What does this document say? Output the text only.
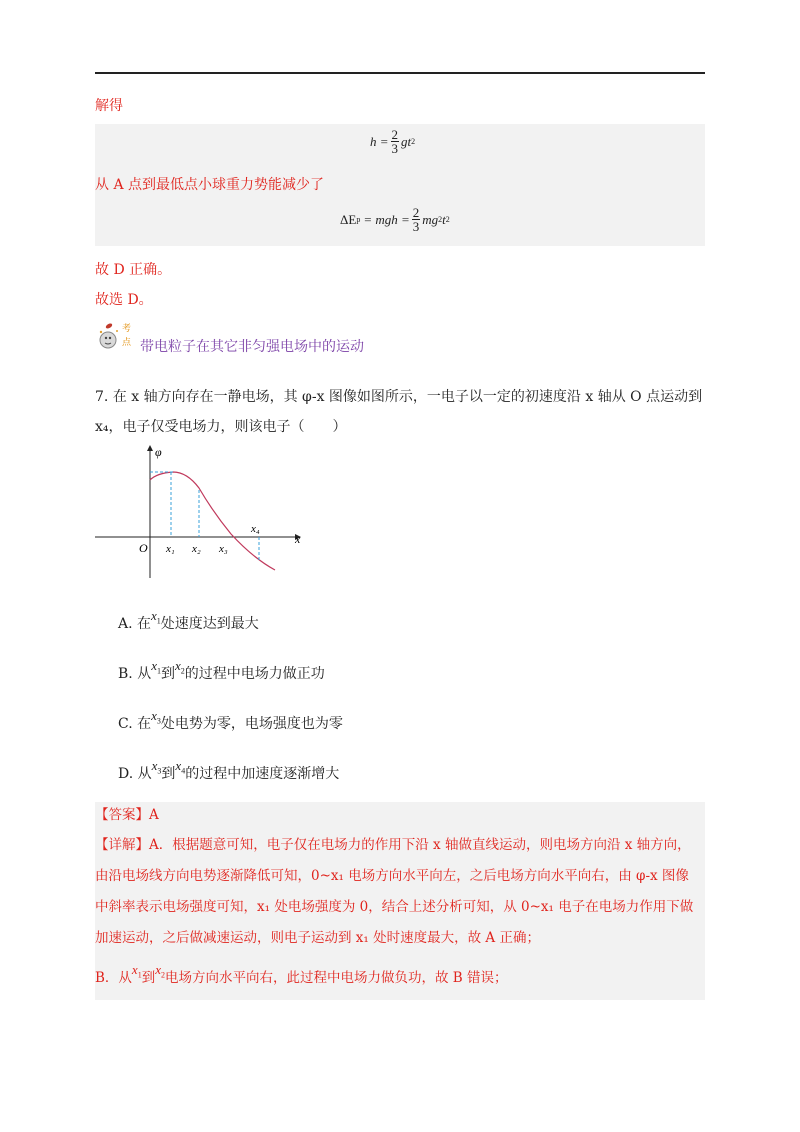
解得
$h = \frac{2}{3}$ gt 2
从 A 点到最低点小球重力势能减少了
ΔE p = mgh = $\frac{2}{3}$ mg 2 t 2
故 D 正确。
故选 D。
考
点 带电粒子在其它非匀强电场中的运动
7. 在 x 轴方向存在一静电场，其 φ-x 图像如图所示，一电子以一定的初速度沿 x 轴从 O 点运动到
x₄，电子仅受电场力，则该电子（　　）
φ
x
O x₁ x₂ x₃
x₄
A. 在$x_1$处速度达到最大
B. 从$x_1$到$x_2$的过程中电场力做正功
C. 在$x_3$处电势为零，电场强度也为零
D. 从$x_3$到$x_4$的过程中加速度逐渐增大
【答案】A
【详解】A．根据题意可知，电子仅在电场力的作用下沿 x 轴做直线运动，则电场方向沿 x 轴方向，
由沿电场线方向电势逐渐降低可知，0~x₁ 电场方向水平向左，之后电场方向水平向右，由 φ-x 图像
中斜率表示电场强度可知，x₁ 处电场强度为 0，结合上述分析可知，从 0~x₁ 电子在电场力作用下做
加速运动，之后做减速运动，则电子运动到 x₁ 处时速度最大，故 A 正确；
B．从$x_1$到$x_2$电场方向水平向右，此过程中电场力做负功，故 B 错误；
